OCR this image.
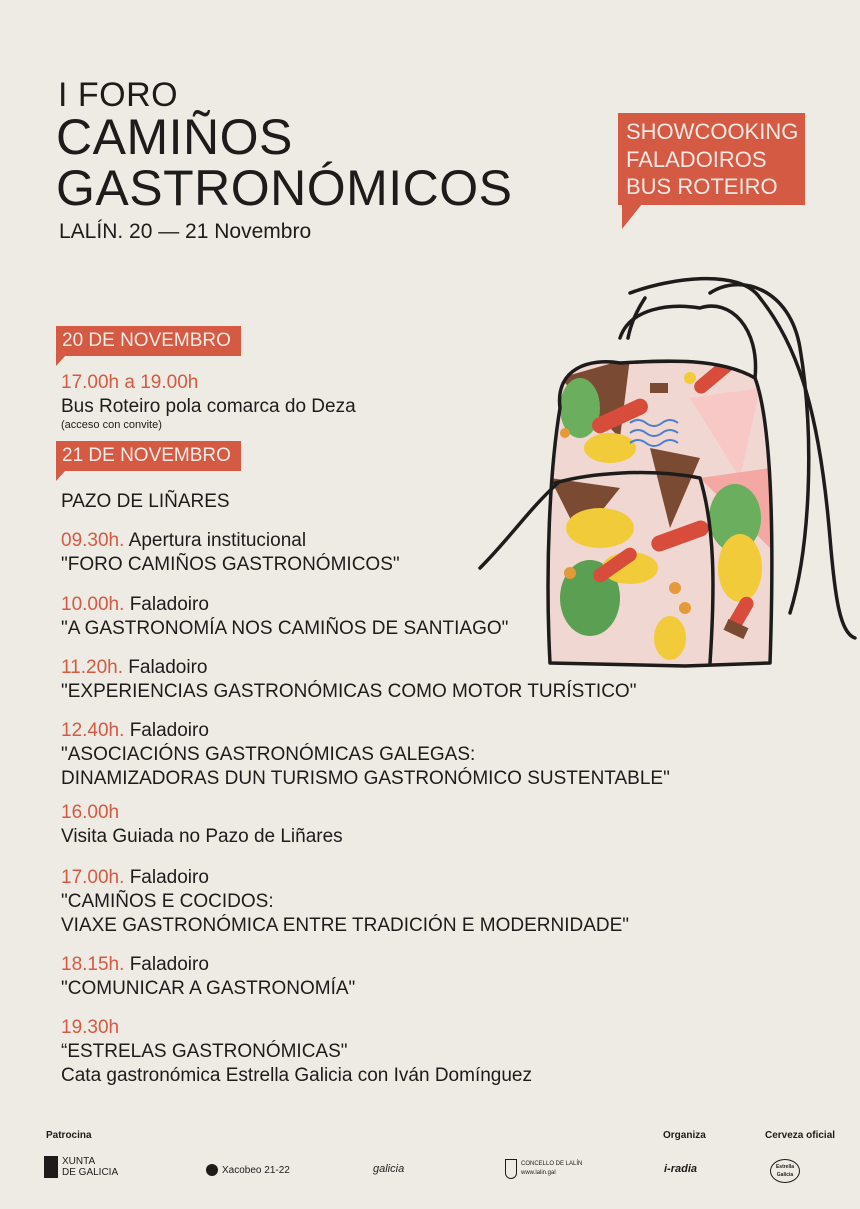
I FORO
CAMIÑOS
GASTRONÓMICOS
LALÍN. 20 — 21 Novembro
SHOWCOOKING
FALADOIROS
BUS ROTEIRO
20 DE NOVEMBRO
17.00h a 19.00h
Bus Roteiro pola comarca do Deza
(acceso con convite)
21 DE NOVEMBRO
PAZO DE LIÑARES
09.30h. Apertura institucional
"FORO CAMIÑOS GASTRONÓMICOS"
10.00h. Faladoiro
"A GASTRONOMÍA NOS CAMIÑOS DE SANTIAGO"
11.20h. Faladoiro
"EXPERIENCIAS GASTRONÓMICAS COMO MOTOR TURÍSTICO"
12.40h. Faladoiro
"ASOCIACIÓNS GASTRONÓMICAS GALEGAS:
DINAMIZADORAS DUN TURISMO GASTRONÓMICO SUSTENTABLE"
16.00h
Visita Guiada no Pazo de Liñares
17.00h. Faladoiro
"CAMIÑOS E COCIDOS:
VIAXE GASTRONÓMICA ENTRE TRADICIÓN E MODERNIDADE"
18.15h. Faladoiro
"COMUNICAR A GASTRONOMÍA"
19.30h
“ESTRELAS GASTRONÓMICAS"
Cata gastronómica Estrella Galicia con Iván Domínguez
Patrocina	Organiza	Cerveza oficial
XUNTA
DE GALICIA	Xacobeo 21-22	galicia	CONCELLO DE LALÍN
www.lalin.gal	i-radia	Estrella
Galicia
